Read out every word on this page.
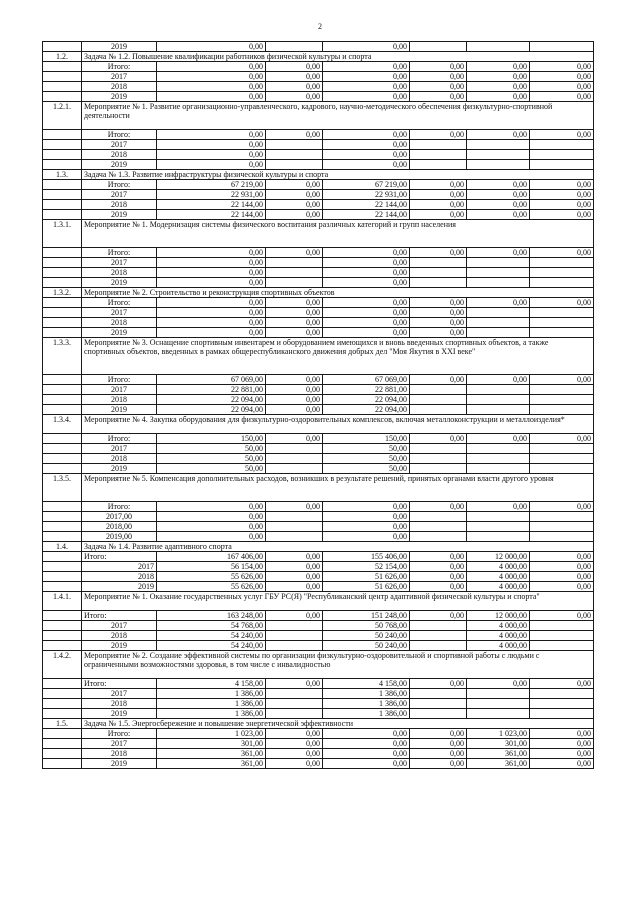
2
	2019	0,00		0,00			
1.2.	Задача № 1.2. Повышение квалификации работников физической культуры и спорта						
	Итого:	0,00	0,00	0,00	0,00	0,00	0,00
	2017	0,00	0,00	0,00	0,00	0,00	0,00
	2018	0,00	0,00	0,00	0,00	0,00	0,00
	2019	0,00	0,00	0,00	0,00	0,00	0,00
1.2.1.	Мероприятие № 1. Развитие организационно-управленческого, кадрового, научно-методического обеспечения физкультурно-спортивной деятельности						
	Итого:	0,00	0,00	0,00	0,00	0,00	0,00
	2017	0,00		0,00			
	2018	0,00		0,00			
	2019	0,00		0,00			
1.3.	Задача № 1.3. Развитие инфраструктуры физической культуры и спорта						
	Итого:	67 219,00	0,00	67 219,00	0,00	0,00	0,00
	2017	22 931,00	0,00	22 931,00	0,00	0,00	0,00
	2018	22 144,00	0,00	22 144,00	0,00	0,00	0,00
	2019	22 144,00	0,00	22 144,00	0,00	0,00	0,00
1.3.1.	Мероприятие № 1. Модернизация системы физического воспитания различных категорий и групп населения						
	Итого:	0,00	0,00	0,00	0,00	0,00	0,00
	2017	0,00		0,00			
	2018	0,00		0,00			
	2019	0,00		0,00			
1.3.2.	Мероприятие № 2. Строительство и реконструкция спортивных объектов						
	Итого:	0,00	0,00	0,00	0,00	0,00	0,00
	2017	0,00	0,00	0,00	0,00		
	2018	0,00	0,00	0,00	0,00		
	2019	0,00	0,00	0,00	0,00		
1.3.3.	Мероприятие № 3. Оснащение спортивным инвентарем и оборудованием имеющихся и вновь введенных спортивных объектов, а также спортивных объектов, введенных в рамках общереспубликанского движения добрых дел "Моя Якутия в XXI веке"						
	Итого:	67 069,00	0,00	67 069,00	0,00	0,00	0,00
	2017	22 881,00	0,00	22 881,00			
	2018	22 094,00	0,00	22 094,00			
	2019	22 094,00	0,00	22 094,00			
1.3.4.	Мероприятие № 4. Закупка оборудования для физкультурно-оздоровительных комплексов, включая металлоконструкции и металлоизделия*						
	Итого:	150,00	0,00	150,00	0,00	0,00	0,00
	2017	50,00		50,00			
	2018	50,00		50,00			
	2019	50,00		50,00			
1.3.5.	Мероприятие № 5. Компенсация дополнительных расходов, возникших в результате решений, принятых органами власти другого уровня						
	Итого:	0,00	0,00	0,00	0,00	0,00	0,00
	2017,00	0,00		0,00			
	2018,00	0,00		0,00			
	2019,00	0,00		0,00			
1.4.	Задача № 1.4. Развитие адаптивного спорта						
	Итого:	167 406,00	0,00	155 406,00	0,00	12 000,00	0,00
	2017	56 154,00	0,00	52 154,00	0,00	4 000,00	0,00
	2018	55 626,00	0,00	51 626,00	0,00	4 000,00	0,00
	2019	55 626,00	0,00	51 626,00	0,00	4 000,00	0,00
1.4.1.	Мероприятие № 1. Оказание государственных услуг ГБУ РС(Я) "Республиканский центр адаптивной физической культуры и спорта"						
	Итого:	163 248,00	0,00	151 248,00	0,00	12 000,00	0,00
	2017	54 768,00		50 768,00		4 000,00	
	2018	54 240,00		50 240,00		4 000,00	
	2019	54 240,00		50 240,00		4 000,00	
1.4.2.	Мероприятие № 2. Создание эффективной системы по организации физкультурно-оздоровительной и спортивной работы с людьми с ограниченными возможностями здоровья, в том числе с инвалидностью						
	Итого:	4 158,00	0,00	4 158,00	0,00	0,00	0,00
	2017	1 386,00		1 386,00			
	2018	1 386,00		1 386,00			
	2019	1 386,00		1 386,00			
1.5.	Задача № 1.5. Энергосбережение и повышение энергетической эффективности						
	Итого:	1 023,00	0,00	0,00	0,00	1 023,00	0,00
	2017	301,00	0,00	0,00	0,00	301,00	0,00
	2018	361,00	0,00	0,00	0,00	361,00	0,00
	2019	361,00	0,00	0,00	0,00	361,00	0,00
